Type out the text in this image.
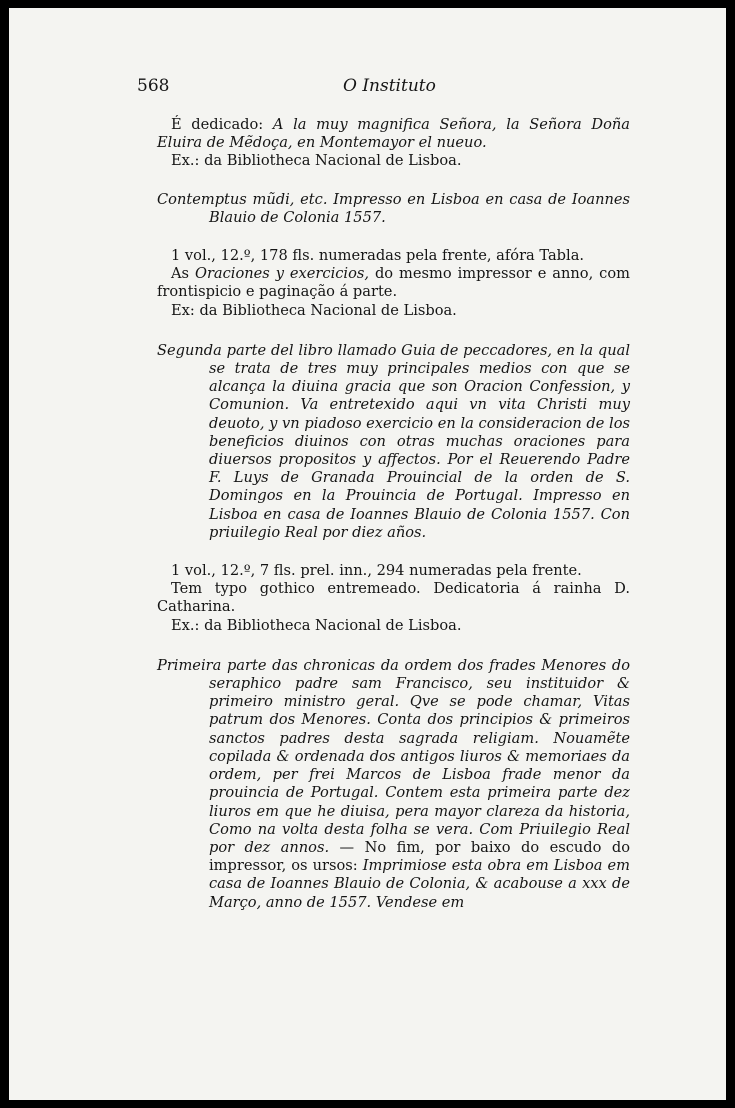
568	O Instituto

É dedicado: A la muy magnifica Señora, la Señora Doña Eluira de Mẽdoça, en Montemayor el nueuo.

Ex.: da Bibliotheca Nacional de Lisboa.

Contemptus mũdi, etc. Impresso en Lisboa en casa de Ioannes Blauio de Colonia 1557.

1 vol., 12.º, 178 fls. numeradas pela frente, afóra Tabla.

As Oraciones y exercicios, do mesmo impressor e anno, com frontispicio e paginação á parte.

Ex: da Bibliotheca Nacional de Lisboa.

Segunda parte del libro llamado Guia de peccadores, en la qual se trata de tres muy principales medios con que se alcança la diuina gracia que son Oracion Confession, y Comunion. Va entretexido aqui vn vita Christi muy deuoto, y vn piadoso exercicio en la consideracion de los beneficios diuinos con otras muchas oraciones para diuersos propositos y affectos. Por el Reuerendo Padre F. Luys de Granada Prouincial de la orden de S. Domingos en la Prouincia de Portugal. Impresso en Lisboa en casa de Ioannes Blauio de Colonia 1557. Con priuilegio Real por diez años.

1 vol., 12.º, 7 fls. prel. inn., 294 numeradas pela frente.

Tem typo gothico entremeado. Dedicatoria á rainha D. Catharina.

Ex.: da Bibliotheca Nacional de Lisboa.

Primeira parte das chronicas da ordem dos frades Menores do seraphico padre sam Francisco, seu instituidor & primeiro ministro geral. Qve se pode chamar, Vitas patrum dos Menores. Conta dos principios & primeiros sanctos padres desta sagrada religiam. Nouamẽte copilada & ordenada dos antigos liuros & memoriaes da ordem, per frei Marcos de Lisboa frade menor da prouincia de Portugal. Contem esta primeira parte dez liuros em que he diuisa, pera mayor clareza da historia, Como na volta desta folha se vera. Com Priuilegio Real por dez annos. — No fim, por baixo do escudo do impressor, os ursos: Imprimiose esta obra em Lisboa em casa de Ioannes Blauio de Colonia, & acabouse a xxx de Março, anno de 1557. Vendese em
